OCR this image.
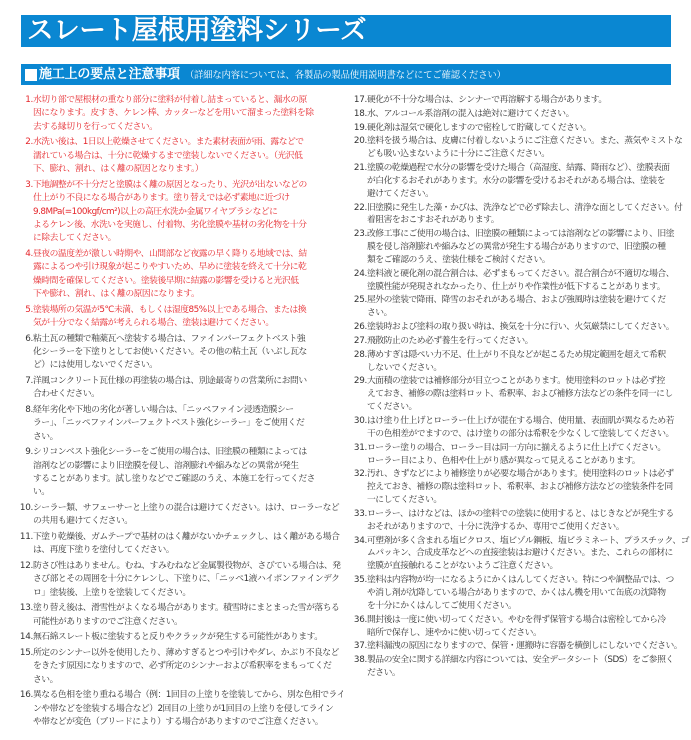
スレート屋根用塗料シリーズ
施工上の要点と注意事項 （詳細な内容については、各製品の製品使用説明書などにてご確認ください）
1. 水切り部で屋根材の重なり部分に塗料が付着し詰まっていると、漏水の原
因になります。皮すき、ケレン棒、カッターなどを用いて溜まった塗料を除
去する縁切りを行ってください。
2. 水洗い後は、1日以上乾燥させてください。また素材表面が雨、露などで
濡れている場合は、十分に乾燥するまで塗装しないでください。（光沢低
下、膨れ、割れ、はく離の原因となります。）
3. 下地調整が不十分だと塗膜はく離の原因となったり、光沢が出ないなどの
仕上がり不良になる場合があります。塗り替えでは必ず素地に近づけ
9.8MPa(=100kgf/cm²)以上の高圧水洗か金属ワイヤブラシなどに
よるケレン後、水洗いを実施し、付着物、劣化塗膜や基材の劣化物を十分
に除去してください。
4. 昼夜の温度差が激しい時期や、山間部など夜露の早く降りる地域では、結
露によるつや引け現象が起こりやすいため、早めに塗装を終えて十分に乾
燥時間を確保してください。塗装後早期に結露の影響を受けると光沢低
下や膨れ、割れ、はく離の原因になります。
5. 塗装場所の気温が5℃未満、もしくは湿度85%以上である場合、または換
気が十分でなく結露が考えられる場合、塗装は避けてください。
6. 粘土瓦の種類で釉薬瓦へ塗装する場合は、ファインパーフェクトベスト強
化シーラーを下塗りとしてお使いください。その他の粘土瓦（いぶし瓦な
ど）には使用しないでください。
7. 洋風コンクリート瓦仕様の再塗装の場合は、別途最寄りの営業所にお問い
合わせください。
8. 経年劣化や下地の劣化が著しい場合は、「ニッペファイン浸透造膜シー
ラー」、「ニッペファインパーフェクトベスト強化シーラー」をご使用くだ
さい。
9. シリコンベスト強化シーラーをご使用の場合は、旧塗膜の種類によっては
溶剤などの影響により旧塗膜を侵し、溶剤膨れや縮みなどの異常が発生
することがあります。試し塗りなどでご確認のうえ、本施工を行ってくださ
い。
10. シーラー類、サフェーサーと上塗りの混合は避けてください。はけ、ローラーなど
の共用も避けてください。
11. 下塗り乾燥後、ガムテープで基材のはく離がないかチェックし、はく離がある場合
は、再度下塗りを塗付してください。
12. 防さび性はありません。むね、すみむねなど金属製役物が、さびている場合は、発
さび部とその周囲を十分にケレンし、下塗りに、「ニッペ1液ハイポンファインデク
ロ」塗装後、上塗りを塗装してください。
13. 塗り替え後は、滑雪性がよくなる場合があります。積雪時にまとまった雪が落ちる
可能性がありますのでご注意ください。
14. 無石綿スレート板に塗装すると反りやクラックが発生する可能性があります。
15. 所定のシンナー以外を使用したり、薄めすぎるとつや引けやダレ、かぶり不良など
をきたす原因になりますので、必ず所定のシンナーおよび希釈率をまもってくだ
さい。
16. 異なる色相を塗り重ねる場合（例：1回目の上塗りを塗装してから、別な色相でライ
ンや帯などを塗装する場合など）2回目の上塗りが1回目の上塗りを侵してライン
や帯などが変色（ブリードにより）する場合がありますのでご注意ください。
17. 硬化が不十分な場合は、シンナーで再溶解する場合があります。
18. 水、アルコール系溶剤の混入は絶対に避けてください。
19. 硬化剤は湿気で硬化しますので密栓して貯蔵してください。
20. 塗料を扱う場合は、皮膚に付着しないようにご注意ください。また、蒸気やミストな
ども吸い込まないように十分にご注意ください。
21. 塗膜の乾燥過程で水分の影響を受けた場合（高湿度、結露、降雨など）、塗膜表面
が白化するおそれがあります。水分の影響を受けるおそれがある場合は、塗装を
避けてください。
22. 旧塗膜に発生した藻・かびは、洗浄などで必ず除去し、清浄な面としてください。付
着阻害をおこすおそれがあります。
23. 改修工事にご使用の場合は、旧塗膜の種類によっては溶剤などの影響により、旧塗
膜を侵し溶剤膨れや縮みなどの異常が発生する場合がありますので、旧塗膜の種
類をご確認のうえ、塗装仕様をご検討ください。
24. 塗料液と硬化剤の混合割合は、必ずまもってください。混合割合が不適切な場合、
塗膜性能が発現されなかったり、仕上がりや作業性が低下することがあります。
25. 屋外の塗装で降雨、降雪のおそれがある場合、および強風時は塗装を避けてくだ
さい。
26. 塗装時および塗料の取り扱い時は、換気を十分に行い、火気厳禁にしてください。
27. 飛散防止のため必ず養生を行ってください。
28. 薄めすぎは隠ぺい力不足、仕上がり不良などが起こるため規定範囲を超えて希釈
しないでください。
29. 大面積の塗装では補修部分が目立つことがあります。使用塗料のロットは必ず控
えておき、補修の際は塗料ロット、希釈率、および補修方法などの条件を同一にし
てください。
30. はけ塗り仕上げとローラー仕上げが混在する場合、使用量、表面肌が異なるため若
干の色相差がでますので、はけ塗りの部分は希釈を少なくして塗装してください。
31. ローラー塗りの場合、ローラー目は同一方向に揃えるように仕上げてください。
ローラー目により、色相や仕上がり感が異なって見えることがあります。
32. 汚れ、きずなどにより補修塗りが必要な場合があります。使用塗料のロットは必ず
控えておき、補修の際は塗料ロット、希釈率、および補修方法などの塗装条件を同
一にしてください。
33. ローラー、はけなどは、ほかの塗料での塗装に使用すると、はじきなどが発生する
おそれがありますので、十分に洗浄するか、専用でご使用ください。
34. 可塑剤が多く含まれる塩ビクロス、塩ビゾル鋼板、塩ビラミネート、プラスチック、ゴ
ムパッキン、合成皮革などへの直接塗装はお避けください。また、これらの部材に
塗膜が直接触れることがないようご注意ください。
35. 塗料は内容物が均一になるようにかくはんしてください。特につや調整品では、つ
や消し剤が沈降している場合がありますので、かくはん機を用いて缶底の沈降物
を十分にかくはんしてご使用ください。
36. 開封後は一度に使い切ってください。やむを得ず保管する場合は密栓してから冷
暗所で保存し、速やかに使い切ってください。
37. 塗料漏洩の原因になりますので、保管・運搬時に容器を横倒しにしないでください。
38. 製品の安全に関する詳細な内容については、安全データシート（SDS）をご参照く
ださい。
